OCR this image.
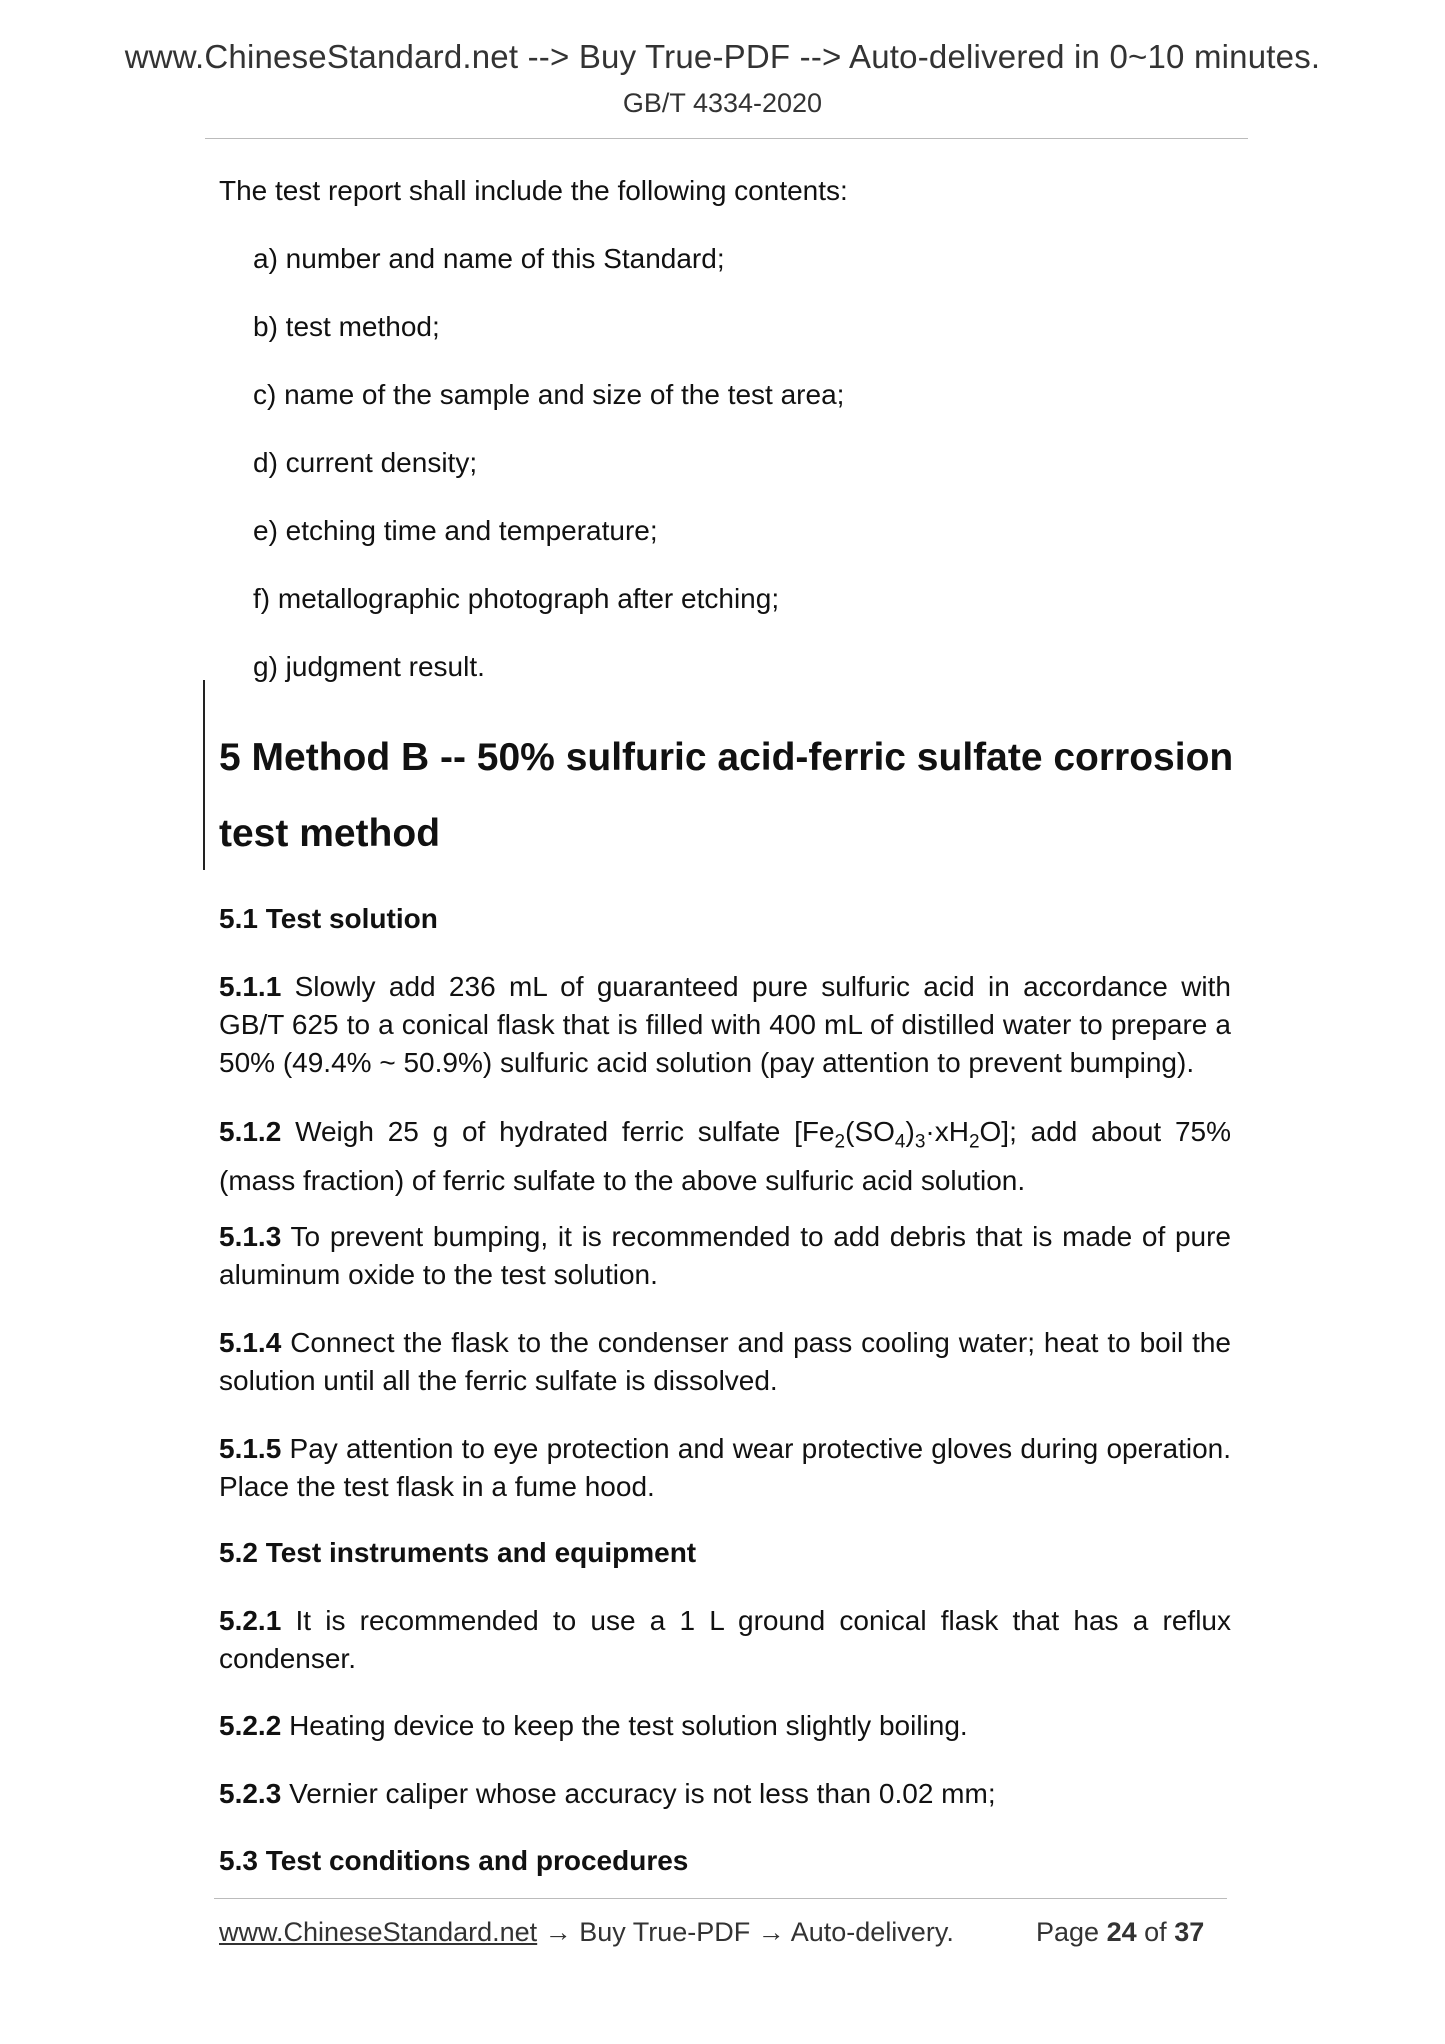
www.ChineseStandard.net --> Buy True-PDF --> Auto-delivered in 0~10 minutes.
GB/T 4334-2020
The test report shall include the following contents:
a) number and name of this Standard;
b) test method;
c) name of the sample and size of the test area;
d) current density;
e) etching time and temperature;
f) metallographic photograph after etching;
g) judgment result.
5 Method B -- 50% sulfuric acid-ferric sulfate corrosion test method
5.1 Test solution
5.1.1 Slowly add 236 mL of guaranteed pure sulfuric acid in accordance with GB/T 625 to a conical flask that is filled with 400 mL of distilled water to prepare a 50% (49.4% ~ 50.9%) sulfuric acid solution (pay attention to prevent bumping).
5.1.2 Weigh 25 g of hydrated ferric sulfate $[Fe_2(SO_4)_3\cdot xH_2O]$; add about 75% (mass fraction) of ferric sulfate to the above sulfuric acid solution.
5.1.3 To prevent bumping, it is recommended to add debris that is made of pure aluminum oxide to the test solution.
5.1.4 Connect the flask to the condenser and pass cooling water; heat to boil the solution until all the ferric sulfate is dissolved.
5.1.5 Pay attention to eye protection and wear protective gloves during operation. Place the test flask in a fume hood.
5.2 Test instruments and equipment
5.2.1 It is recommended to use a 1 L ground conical flask that has a reflux condenser.
5.2.2 Heating device to keep the test solution slightly boiling.
5.2.3 Vernier caliper whose accuracy is not less than 0.02 mm;
5.3 Test conditions and procedures
www.ChineseStandard.net → Buy True-PDF → Auto-delivery.	Page 24 of 37
